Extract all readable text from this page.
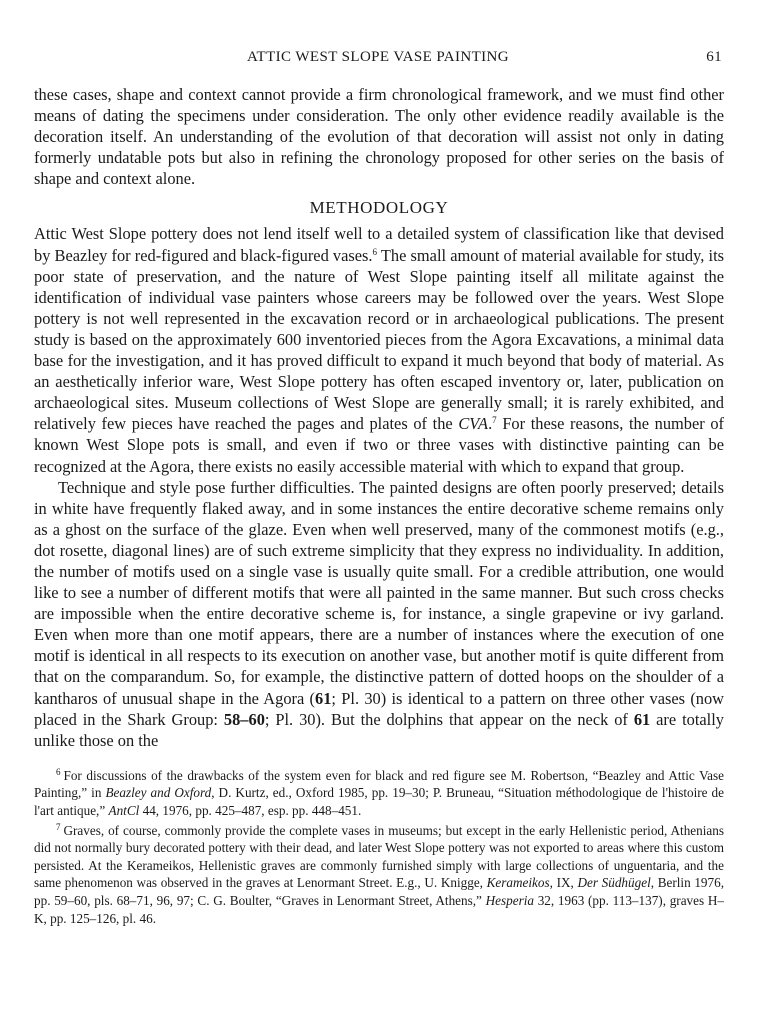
ATTIC WEST SLOPE VASE PAINTING	61

these cases, shape and context cannot provide a firm chronological framework, and we must find other means of dating the specimens under consideration. The only other evidence readily available is the decoration itself. An understanding of the evolution of that decoration will assist not only in dating formerly undatable pots but also in refining the chronology proposed for other series on the basis of shape and context alone.

METHODOLOGY

Attic West Slope pottery does not lend itself well to a detailed system of classification like that devised by Beazley for red-figured and black-figured vases.$^6$ The small amount of material available for study, its poor state of preservation, and the nature of West Slope painting itself all militate against the identification of individual vase painters whose careers may be followed over the years. West Slope pottery is not well represented in the excavation record or in archaeological publications. The present study is based on the approximately 600 inventoried pieces from the Agora Excavations, a minimal data base for the investigation, and it has proved difficult to expand it much beyond that body of material. As an aesthetically inferior ware, West Slope pottery has often escaped inventory or, later, publication on archaeological sites. Museum collections of West Slope are generally small; it is rarely exhibited, and relatively few pieces have reached the pages and plates of the CVA.$^7$ For these reasons, the number of known West Slope pots is small, and even if two or three vases with distinctive painting can be recognized at the Agora, there exists no easily accessible material with which to expand that group.

Technique and style pose further difficulties. The painted designs are often poorly preserved; details in white have frequently flaked away, and in some instances the entire decorative scheme remains only as a ghost on the surface of the glaze. Even when well preserved, many of the commonest motifs (e.g., dot rosette, diagonal lines) are of such extreme simplicity that they express no individuality. In addition, the number of motifs used on a single vase is usually quite small. For a credible attribution, one would like to see a number of different motifs that were all painted in the same manner. But such cross checks are impossible when the entire decorative scheme is, for instance, a single grapevine or ivy garland. Even when more than one motif appears, there are a number of instances where the execution of one motif is identical in all respects to its execution on another vase, but another motif is quite different from that on the comparandum. So, for example, the distinctive pattern of dotted hoops on the shoulder of a kantharos of unusual shape in the Agora (61; Pl. 30) is identical to a pattern on three other vases (now placed in the Shark Group: 58–60; Pl. 30). But the dolphins that appear on the neck of 61 are totally unlike those on the

$^6$ For discussions of the drawbacks of the system even for black and red figure see M. Robertson, “Beazley and Attic Vase Painting,” in Beazley and Oxford, D. Kurtz, ed., Oxford 1985, pp. 19–30; P. Bruneau, “Situation méthodologique de l'histoire de l'art antique,” AntCl 44, 1976, pp. 425–487, esp. pp. 448–451.

$^7$ Graves, of course, commonly provide the complete vases in museums; but except in the early Hellenistic period, Athenians did not normally bury decorated pottery with their dead, and later West Slope pottery was not exported to areas where this custom persisted. At the Kerameikos, Hellenistic graves are commonly furnished simply with large collections of unguentaria, and the same phenomenon was observed in the graves at Lenormant Street. E.g., U. Knigge, Kerameikos, IX, Der Südhügel, Berlin 1976, pp. 59–60, pls. 68–71, 96, 97; C. G. Boulter, “Graves in Lenormant Street, Athens,” Hesperia 32, 1963 (pp. 113–137), graves H–K, pp. 125–126, pl. 46.
